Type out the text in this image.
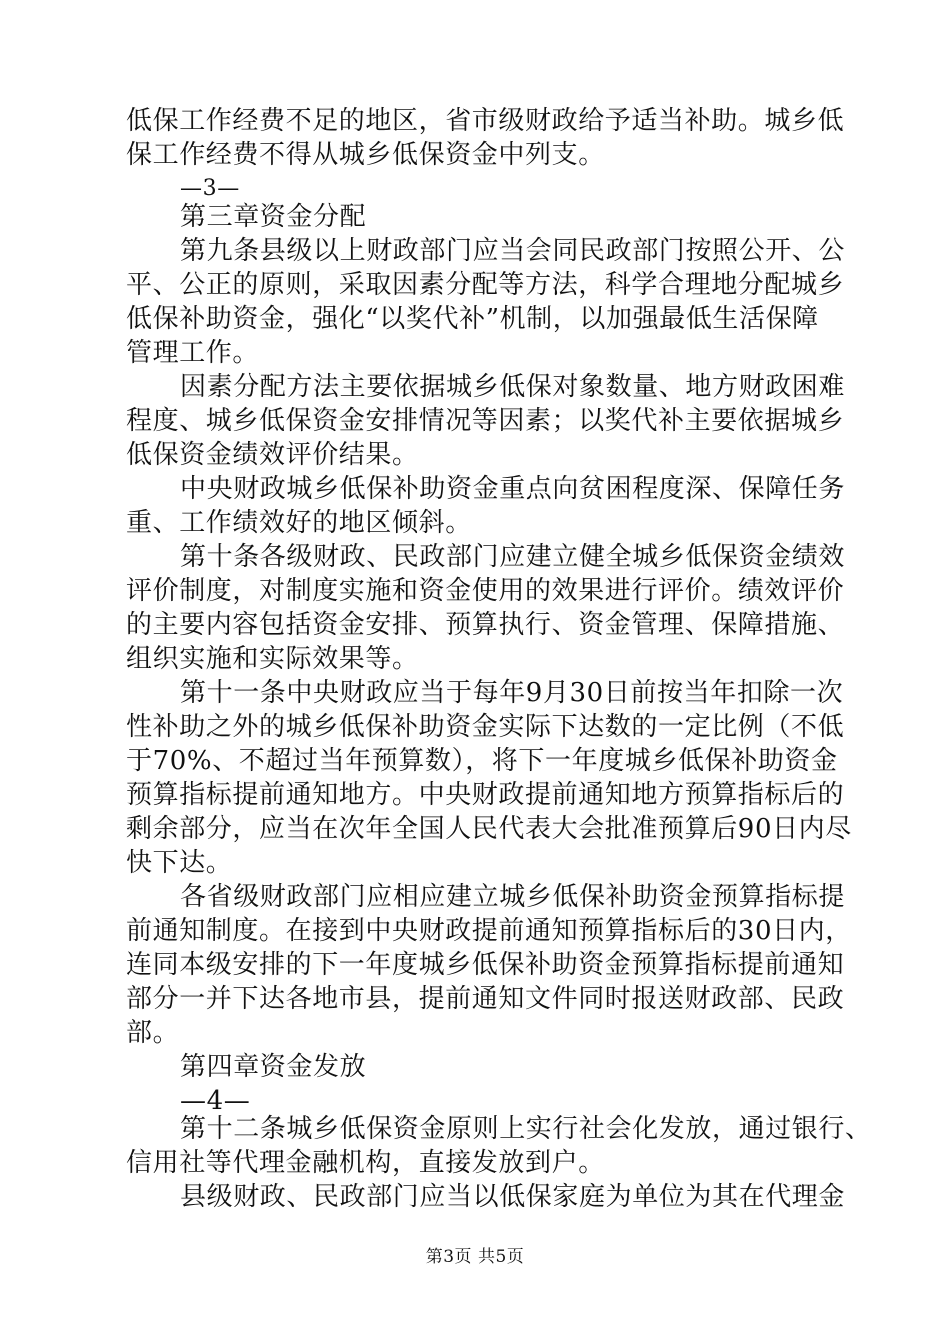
低保工作经费不足的地区，省市级财政给予适当补助。城乡低
保工作经费不得从城乡低保资金中列支。
—3—
第三章资金分配
第九条县级以上财政部门应当会同民政部门按照公开、公
平、公正的原则，采取因素分配等方法，科学合理地分配城乡
低保补助资金，强化“以奖代补”机制，以加强最低生活保障
管理工作。
因素分配方法主要依据城乡低保对象数量、地方财政困难
程度、城乡低保资金安排情况等因素；以奖代补主要依据城乡
低保资金绩效评价结果。
中央财政城乡低保补助资金重点向贫困程度深、保障任务
重、工作绩效好的地区倾斜。
第十条各级财政、民政部门应建立健全城乡低保资金绩效
评价制度，对制度实施和资金使用的效果进行评价。绩效评价
的主要内容包括资金安排、预算执行、资金管理、保障措施、
组织实施和实际效果等。
第十一条中央财政应当于每年9月30日前按当年扣除一次
性补助之外的城乡低保补助资金实际下达数的一定比例（不低
于70%、不超过当年预算数），将下一年度城乡低保补助资金
预算指标提前通知地方。中央财政提前通知地方预算指标后的
剩余部分，应当在次年全国人民代表大会批准预算后90日内尽
快下达。
各省级财政部门应相应建立城乡低保补助资金预算指标提
前通知制度。在接到中央财政提前通知预算指标后的30日内，
连同本级安排的下一年度城乡低保补助资金预算指标提前通知
部分一并下达各地市县，提前通知文件同时报送财政部、民政
部。
第四章资金发放
—4—
第十二条城乡低保资金原则上实行社会化发放，通过银行、
信用社等代理金融机构，直接发放到户。
县级财政、民政部门应当以低保家庭为单位为其在代理金
第3页 共5页
